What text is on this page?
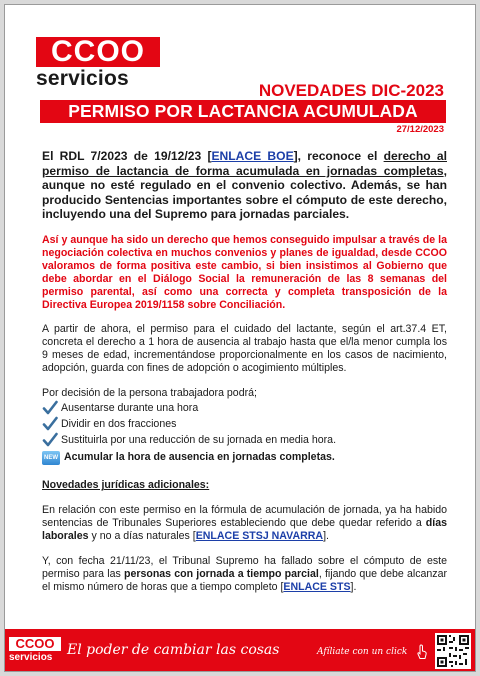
CCOO
servicios
NOVEDADES DIC-2023
PERMISO POR LACTANCIA ACUMULADA
27/12/2023

El RDL 7/2023 de 19/12/23 [ENLACE BOE], reconoce el derecho al permiso de lactancia de forma acumulada en jornadas completas, aunque no esté regulado en el convenio colectivo. Además, se han producido Sentencias importantes sobre el cómputo de este derecho, incluyendo una del Supremo para jornadas parciales.

Así y aunque ha sido un derecho que hemos conseguido impulsar a través de la negociación colectiva en muchos convenios y planes de igualdad, desde CCOO valoramos de forma positiva este cambio, si bien insistimos al Gobierno que debe abordar en el Diálogo Social la remuneración de las 8 semanas del permiso parental, así como una correcta y completa transposición de la Directiva Europea 2019/1158 sobre Conciliación.

A partir de ahora, el permiso para el cuidado del lactante, según el art.37.4 ET, concreta el derecho a 1 hora de ausencia al trabajo hasta que el/la menor cumpla los 9 meses de edad, incrementándose proporcionalmente en los casos de nacimiento, adopción, guarda con fines de adopción o acogimiento múltiples.

Por decisión de la persona trabajadora podrá;

Ausentarse durante una hora
Dividir en dos fracciones
Sustituirla por una reducción de su jornada en media hora.
NEW Acumular la hora de ausencia en jornadas completas.

Novedades jurídicas adicionales:

En relación con este permiso en la fórmula de acumulación de jornada, ya ha habido sentencias de Tribunales Superiores estableciendo que debe quedar referido a días laborales y no a días naturales [ENLACE STSJ NAVARRA].

Y, con fecha 21/11/23, el Tribunal Supremo ha fallado sobre el cómputo de este permiso para las personas con jornada a tiempo parcial, fijando que debe alcanzar el mismo número de horas que a tiempo completo [ENLACE STS].

CCOO
servicios	El poder de cambiar las cosas	Afíliate con un click
